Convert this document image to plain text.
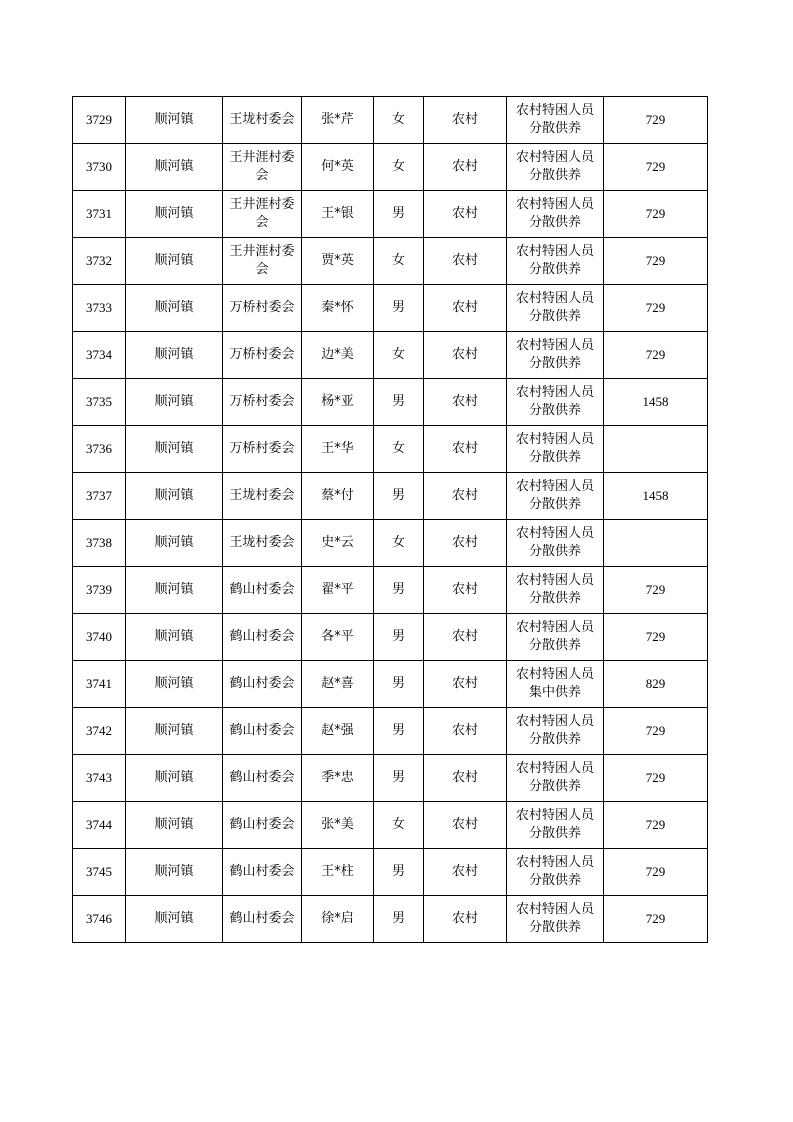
3729	顺河镇	王垅村委会	张*芹	女	农村	农村特困人员分散供养	729
3730	顺河镇	王井涯村委会	何*英	女	农村	农村特困人员分散供养	729
3731	顺河镇	王井涯村委会	王*银	男	农村	农村特困人员分散供养	729
3732	顺河镇	王井涯村委会	贾*英	女	农村	农村特困人员分散供养	729
3733	顺河镇	万桥村委会	秦*怀	男	农村	农村特困人员分散供养	729
3734	顺河镇	万桥村委会	边*美	女	农村	农村特困人员分散供养	729
3735	顺河镇	万桥村委会	杨*亚	男	农村	农村特困人员分散供养	1458
3736	顺河镇	万桥村委会	王*华	女	农村	农村特困人员分散供养	
3737	顺河镇	王垅村委会	蔡*付	男	农村	农村特困人员分散供养	1458
3738	顺河镇	王垅村委会	史*云	女	农村	农村特困人员分散供养	
3739	顺河镇	鹤山村委会	翟*平	男	农村	农村特困人员分散供养	729
3740	顺河镇	鹤山村委会	各*平	男	农村	农村特困人员分散供养	729
3741	顺河镇	鹤山村委会	赵*喜	男	农村	农村特困人员集中供养	829
3742	顺河镇	鹤山村委会	赵*强	男	农村	农村特困人员分散供养	729
3743	顺河镇	鹤山村委会	季*忠	男	农村	农村特困人员分散供养	729
3744	顺河镇	鹤山村委会	张*美	女	农村	农村特困人员分散供养	729
3745	顺河镇	鹤山村委会	王*柱	男	农村	农村特困人员分散供养	729
3746	顺河镇	鹤山村委会	徐*启	男	农村	农村特困人员分散供养	729
